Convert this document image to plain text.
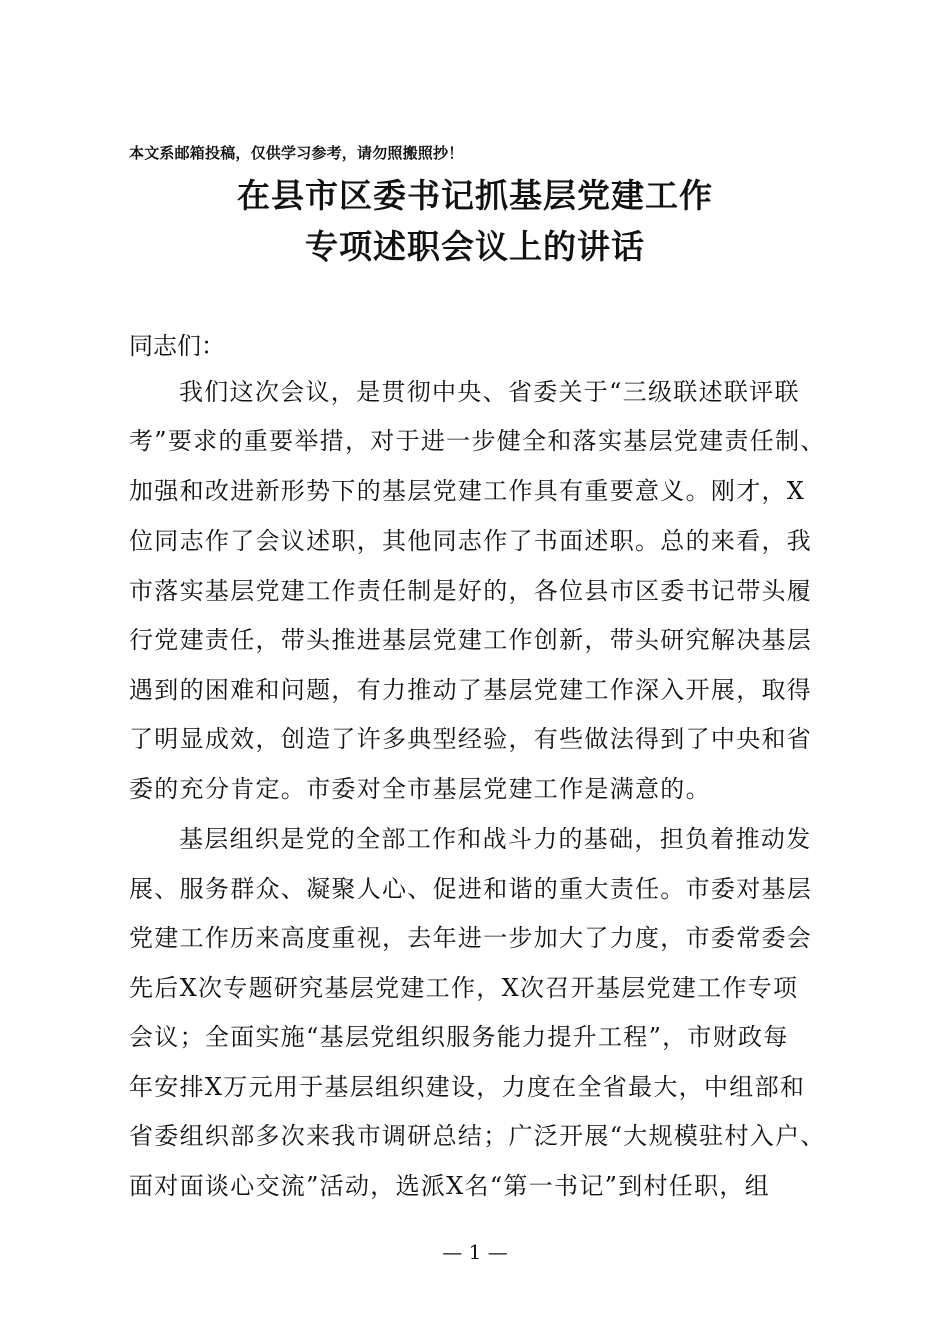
本文系邮箱投稿，仅供学习参考，请勿照搬照抄！
在县市区委书记抓基层党建工作
专项述职会议上的讲话
同志们：
我们这次会议，是贯彻中央、省委关于“三级联述联评联
考”要求的重要举措，对于进一步健全和落实基层党建责任制、
加强和改进新形势下的基层党建工作具有重要意义。刚才，X
位同志作了会议述职，其他同志作了书面述职。总的来看，我
市落实基层党建工作责任制是好的，各位县市区委书记带头履
行党建责任，带头推进基层党建工作创新，带头研究解决基层
遇到的困难和问题，有力推动了基层党建工作深入开展，取得
了明显成效，创造了许多典型经验，有些做法得到了中央和省
委的充分肯定。市委对全市基层党建工作是满意的。
基层组织是党的全部工作和战斗力的基础，担负着推动发
展、服务群众、凝聚人心、促进和谐的重大责任。市委对基层
党建工作历来高度重视，去年进一步加大了力度，市委常委会
先后X次专题研究基层党建工作，X次召开基层党建工作专项
会议；全面实施“基层党组织服务能力提升工程”，市财政每
年安排X万元用于基层组织建设，力度在全省最大，中组部和
省委组织部多次来我市调研总结；广泛开展“大规模驻村入户、
面对面谈心交流”活动，选派X名“第一书记”到村任职，组
— 1 —
